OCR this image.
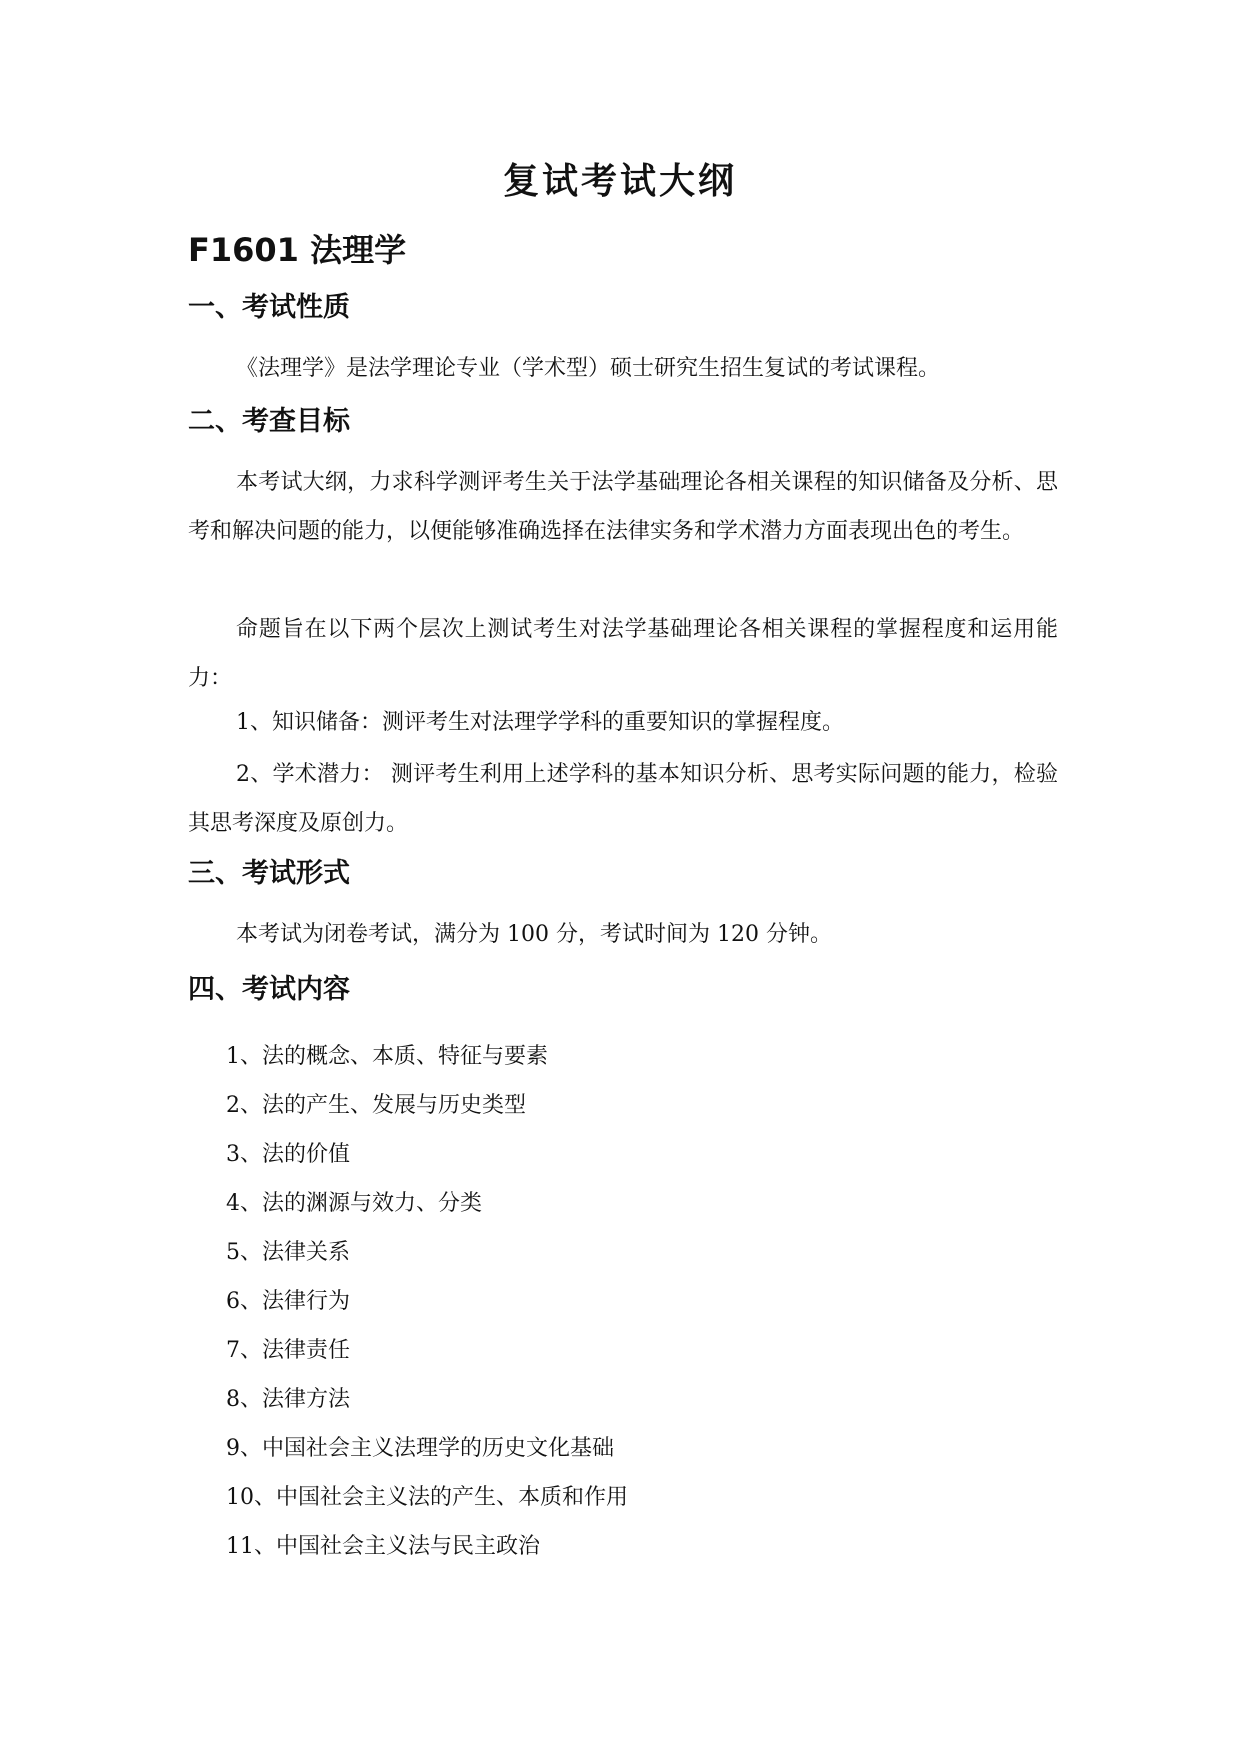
复试考试大纲
F1601 法理学
一、考试性质

《法理学》是法学理论专业（学术型）硕士研究生招生复试的考试课程。

二、考查目标

本考试大纲，力求科学测评考生关于法学基础理论各相关课程的知识储备及分析、思考和解决问题的能力，以便能够准确选择在法律实务和学术潜力方面表现出色的考生。

命题旨在以下两个层次上测试考生对法学基础理论各相关课程的掌握程度和运用能力：

1、知识储备：测评考生对法理学学科的重要知识的掌握程度。

2、学术潜力： 测评考生利用上述学科的基本知识分析、思考实际问题的能力，检验其思考深度及原创力。

三、考试形式

本考试为闭卷考试，满分为 100 分，考试时间为 120 分钟。

四、考试内容
1、法的概念、本质、特征与要素
2、法的产生、发展与历史类型
3、法的价值
4、法的渊源与效力、分类
5、法律关系
6、法律行为
7、法律责任
8、法律方法
9、中国社会主义法理学的历史文化基础
10、中国社会主义法的产生、本质和作用
11、中国社会主义法与民主政治
